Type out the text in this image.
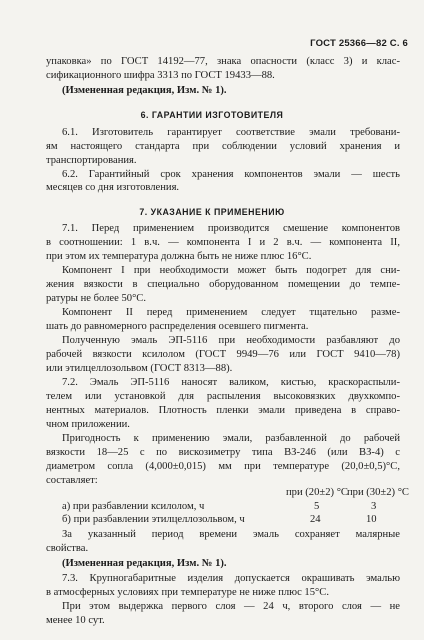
ГОСТ 25366—82 С. 6
упаковка» по ГОСТ 14192—77, знака опасности (класс 3) и клас-
сификационного шифра 3313 по ГОСТ 19433—88.
(Измененная редакция, Изм. № 1).
6. ГАРАНТИИ ИЗГОТОВИТЕЛЯ
6.1. Изготовитель гарантирует соответствие эмали требовани-
ям настоящего стандарта при соблюдении условий хранения и
транспортирования.
6.2. Гарантийный срок хранения компонентов эмали — шесть
месяцев со дня изготовления.
7. УКАЗАНИЕ К ПРИМЕНЕНИЮ
7.1. Перед применением производится смешение компонентов
в соотношении: 1 в.ч. — компонента I и 2 в.ч. — компонента II,
при этом их температура должна быть не ниже плюс 16°С.
Компонент I при необходимости может быть подогрет для сни-
жения вязкости в специально оборудованном помещении до темпе-
ратуры не более 50°С.
Компонент II перед применением следует тщательно разме-
шать до равномерного распределения осевшего пигмента.
Полученную эмаль ЭП-5116 при необходимости разбавляют до
рабочей вязкости ксилолом (ГОСТ 9949—76 или ГОСТ 9410—78)
или этилцеллозольвом (ГОСТ 8313—88).
7.2. Эмаль ЭП-5116 наносят валиком, кистью, краскораспыли-
телем или установкой для распыления высоковязких двухкомпо-
нентных материалов. Плотность пленки эмали приведена в справо-
чном приложении.
Пригодность к применению эмали, разбавленной до рабочей
вязкости 18—25 с по вискозиметру типа ВЗ-246 (или ВЗ-4) с
диаметром сопла (4,000±0,015) мм при температуре (20,0±0,5)°С,
составляет:
при (20±2) °С при (30±2) °С
а) при разбавлении ксилолом, ч	5	3
б) при разбавлении этилцеллозольвом, ч	24	10
За указанный период времени эмаль сохраняет малярные
свойства.
(Измененная редакция, Изм. № 1).
7.3. Крупногабаритные изделия допускается окрашивать эмалью
в атмосферных условиях при температуре не ниже плюс 15°С.
При этом выдержка первого слоя — 24 ч, второго слоя — не
менее 10 сут.
